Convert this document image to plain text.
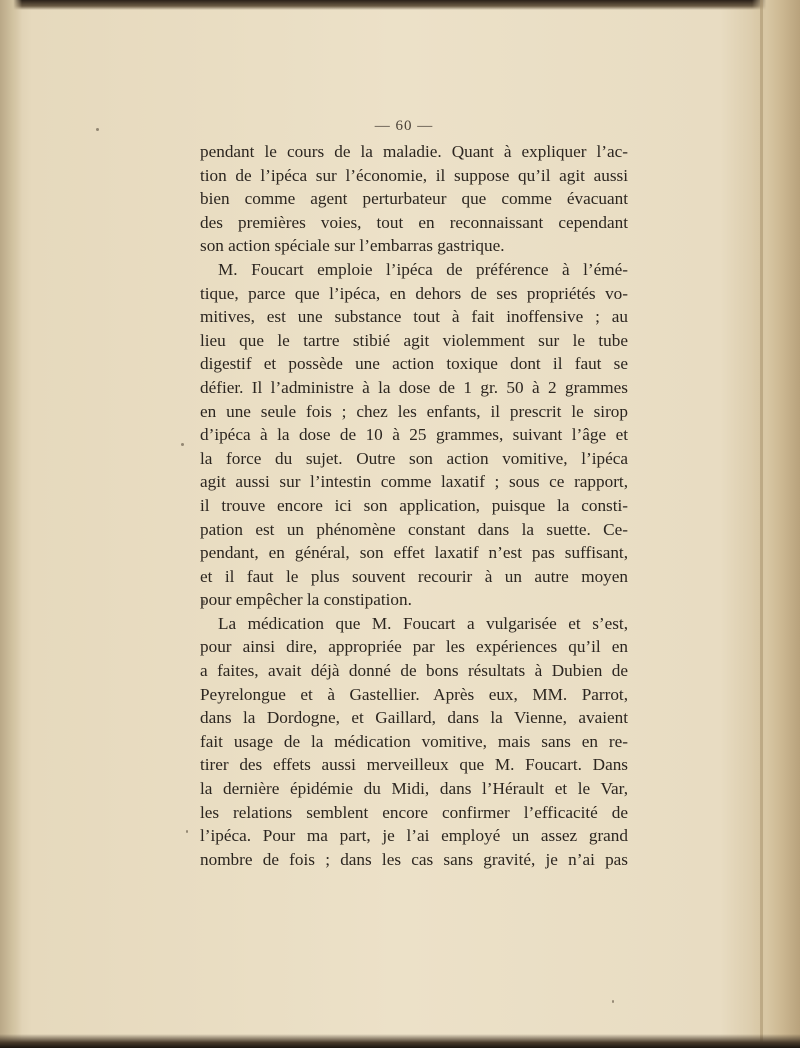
— 60 —
pendant le cours de la maladie. Quant à expliquer l’ac-
tion de l’ipéca sur l’économie, il suppose qu’il agit aussi
bien comme agent perturbateur que comme évacuant
des premières voies, tout en reconnaissant cependant
son action spéciale sur l’embarras gastrique.
M. Foucart emploie l’ipéca de préférence à l’émé-
tique, parce que l’ipéca, en dehors de ses propriétés vo-
mitives, est une substance tout à fait inoffensive ; au
lieu que le tartre stibié agit violemment sur le tube
digestif et possède une action toxique dont il faut se
défier. Il l’administre à la dose de 1 gr. 50 à 2 grammes
en une seule fois ; chez les enfants, il prescrit le sirop
d’ipéca à la dose de 10 à 25 grammes, suivant l’âge et
la force du sujet. Outre son action vomitive, l’ipéca
agit aussi sur l’intestin comme laxatif ; sous ce rapport,
il trouve encore ici son application, puisque la consti-
pation est un phénomène constant dans la suette. Ce-
pendant, en général, son effet laxatif n’est pas suffisant,
et il faut le plus souvent recourir à un autre moyen
pour empêcher la constipation.
La médication que M. Foucart a vulgarisée et s’est,
pour ainsi dire, appropriée par les expériences qu’il en
a faites, avait déjà donné de bons résultats à Dubien de
Peyrelongue et à Gastellier. Après eux, MM. Parrot,
dans la Dordogne, et Gaillard, dans la Vienne, avaient
fait usage de la médication vomitive, mais sans en re-
tirer des effets aussi merveilleux que M. Foucart. Dans
la dernière épidémie du Midi, dans l’Hérault et le Var,
les relations semblent encore confirmer l’efficacité de
l’ipéca. Pour ma part, je l’ai employé un assez grand
nombre de fois ; dans les cas sans gravité, je n’ai pas
